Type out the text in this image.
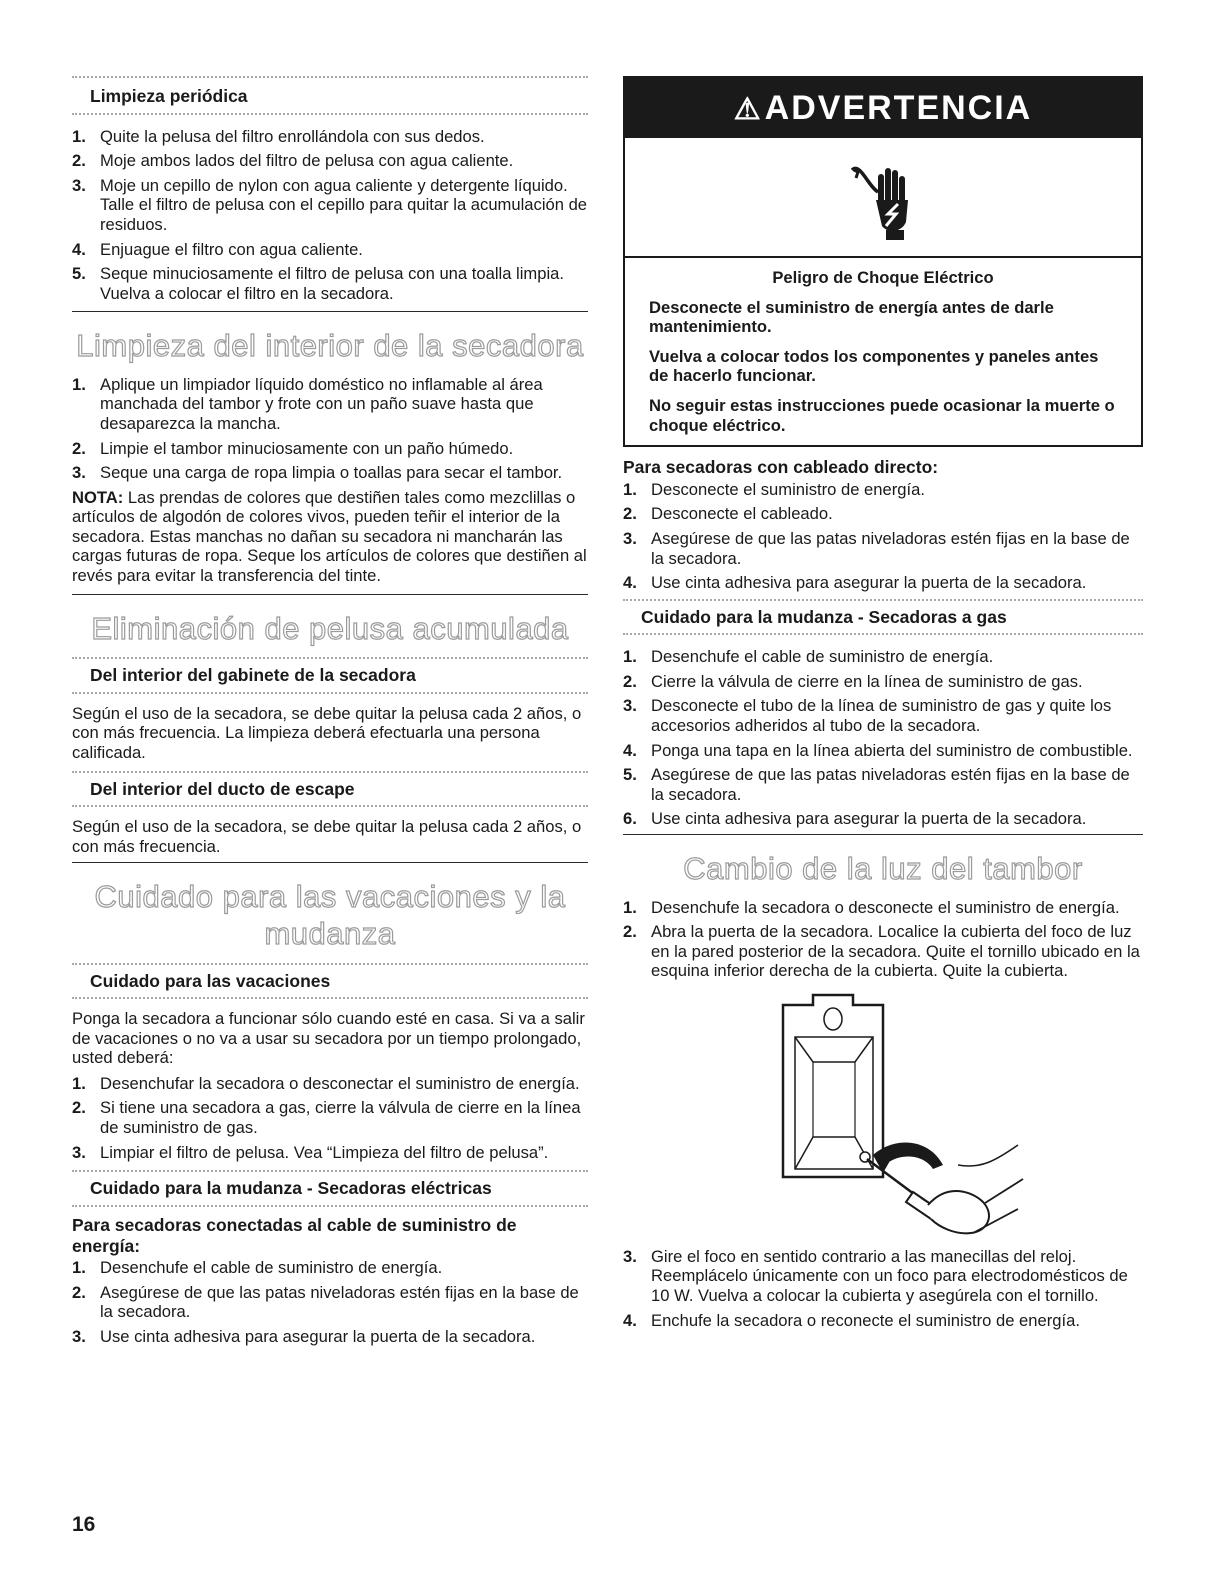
Limpieza periódica
1. Quite la pelusa del filtro enrollándola con sus dedos.
2. Moje ambos lados del filtro de pelusa con agua caliente.
3. Moje un cepillo de nylon con agua caliente y detergente líquido. Talle el filtro de pelusa con el cepillo para quitar la acumulación de residuos.
4. Enjuague el filtro con agua caliente.
5. Seque minuciosamente el filtro de pelusa con una toalla limpia. Vuelva a colocar el filtro en la secadora.
Limpieza del interior de la secadora
1. Aplique un limpiador líquido doméstico no inflamable al área manchada del tambor y frote con un paño suave hasta que desaparezca la mancha.
2. Limpie el tambor minuciosamente con un paño húmedo.
3. Seque una carga de ropa limpia o toallas para secar el tambor.

NOTA: Las prendas de colores que destiñen tales como mezclillas o artículos de algodón de colores vivos, pueden teñir el interior de la secadora. Estas manchas no dañan su secadora ni mancharán las cargas futuras de ropa. Seque los artículos de colores que destiñen al revés para evitar la transferencia del tinte.

Eliminación de pelusa acumulada
Del interior del gabinete de la secadora

Según el uso de la secadora, se debe quitar la pelusa cada 2 años, o con más frecuencia. La limpieza deberá efectuarla una persona calificada.

Del interior del ducto de escape

Según el uso de la secadora, se debe quitar la pelusa cada 2 años, o con más frecuencia.

Cuidado para las vacaciones y la mudanza
Cuidado para las vacaciones

Ponga la secadora a funcionar sólo cuando esté en casa. Si va a salir de vacaciones o no va a usar su secadora por un tiempo prolongado, usted deberá:

1. Desenchufar la secadora o desconectar el suministro de energía.
2. Si tiene una secadora a gas, cierre la válvula de cierre en la línea de suministro de gas.
3. Limpiar el filtro de pelusa. Vea “Limpieza del filtro de pelusa”.
Cuidado para la mudanza - Secadoras eléctricas
Para secadoras conectadas al cable de suministro de energía:
1. Desenchufe el cable de suministro de energía.
2. Asegúrese de que las patas niveladoras estén fijas en la base de la secadora.
3. Use cinta adhesiva para asegurar la puerta de la secadora.
⚠ADVERTENCIA
Peligro de Choque Eléctrico

Desconecte el suministro de energía antes de darle mantenimiento.

Vuelva a colocar todos los componentes y paneles antes de hacerlo funcionar.

No seguir estas instrucciones puede ocasionar la muerte o choque eléctrico.

Para secadoras con cableado directo:
1. Desconecte el suministro de energía.
2. Desconecte el cableado.
3. Asegúrese de que las patas niveladoras estén fijas en la base de la secadora.
4. Use cinta adhesiva para asegurar la puerta de la secadora.
Cuidado para la mudanza - Secadoras a gas
1. Desenchufe el cable de suministro de energía.
2. Cierre la válvula de cierre en la línea de suministro de gas.
3. Desconecte el tubo de la línea de suministro de gas y quite los accesorios adheridos al tubo de la secadora.
4. Ponga una tapa en la línea abierta del suministro de combustible.
5. Asegúrese de que las patas niveladoras estén fijas en la base de la secadora.
6. Use cinta adhesiva para asegurar la puerta de la secadora.
Cambio de la luz del tambor
1. Desenchufe la secadora o desconecte el suministro de energía.
2. Abra la puerta de la secadora. Localice la cubierta del foco de luz en la pared posterior de la secadora. Quite el tornillo ubicado en la esquina inferior derecha de la cubierta. Quite la cubierta.
3. Gire el foco en sentido contrario a las manecillas del reloj. Reemplácelo únicamente con un foco para electrodomésticos de 10 W. Vuelva a colocar la cubierta y asegúrela con el tornillo.
4. Enchufe la secadora o reconecte el suministro de energía.
16
